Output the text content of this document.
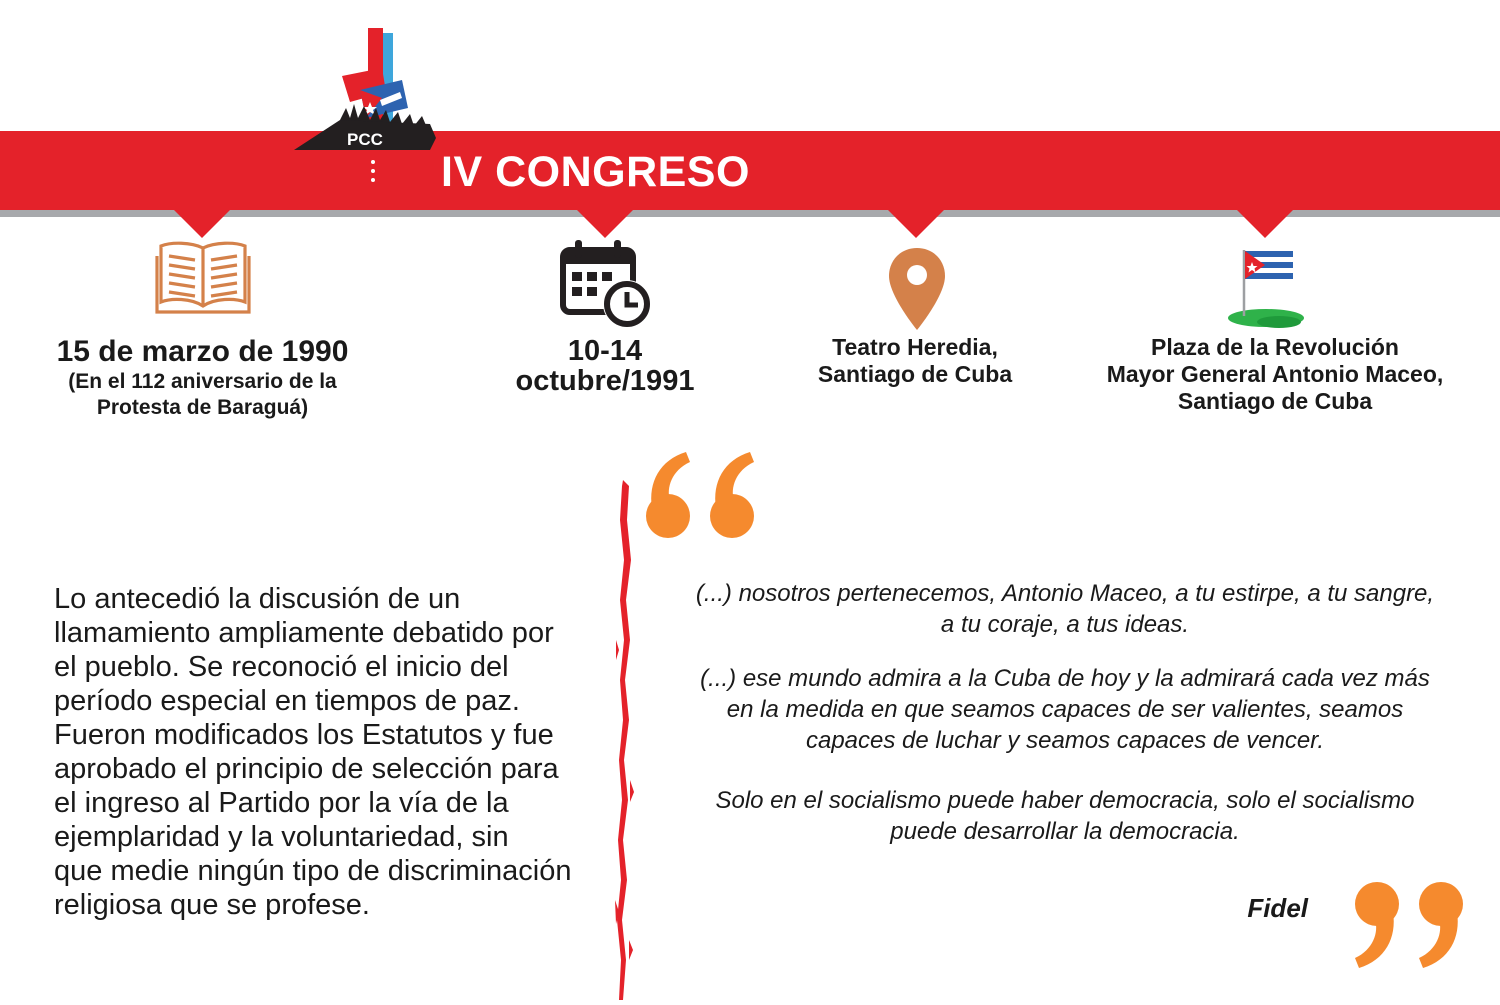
IV CONGRESO
PCC
15 de marzo de 1990
(En el 112 aniversario de la
Protesta de Baraguá)
10-14
octubre/1991
Teatro Heredia,
Santiago de Cuba
Plaza de la Revolución
Mayor General Antonio Maceo,
Santiago de Cuba
Lo antecedió la discusión de un
llamamiento ampliamente debatido por
el pueblo. Se reconoció el inicio del
período especial en tiempos de paz.
Fueron modificados los Estatutos y fue
aprobado el principio de selección para
el ingreso al Partido por la vía de la
ejemplaridad y la voluntariedad, sin
que medie ningún tipo de discriminación
religiosa que se profese.
(...) nosotros pertenecemos, Antonio Maceo, a tu estirpe, a tu sangre,
a tu coraje, a tus ideas.
(...) ese mundo admira a la Cuba de hoy y la admirará cada vez más
en la medida en que seamos capaces de ser valientes, seamos
capaces de luchar y seamos capaces de vencer.
Solo en el socialismo puede haber democracia, solo el socialismo
puede desarrollar la democracia.
Fidel
